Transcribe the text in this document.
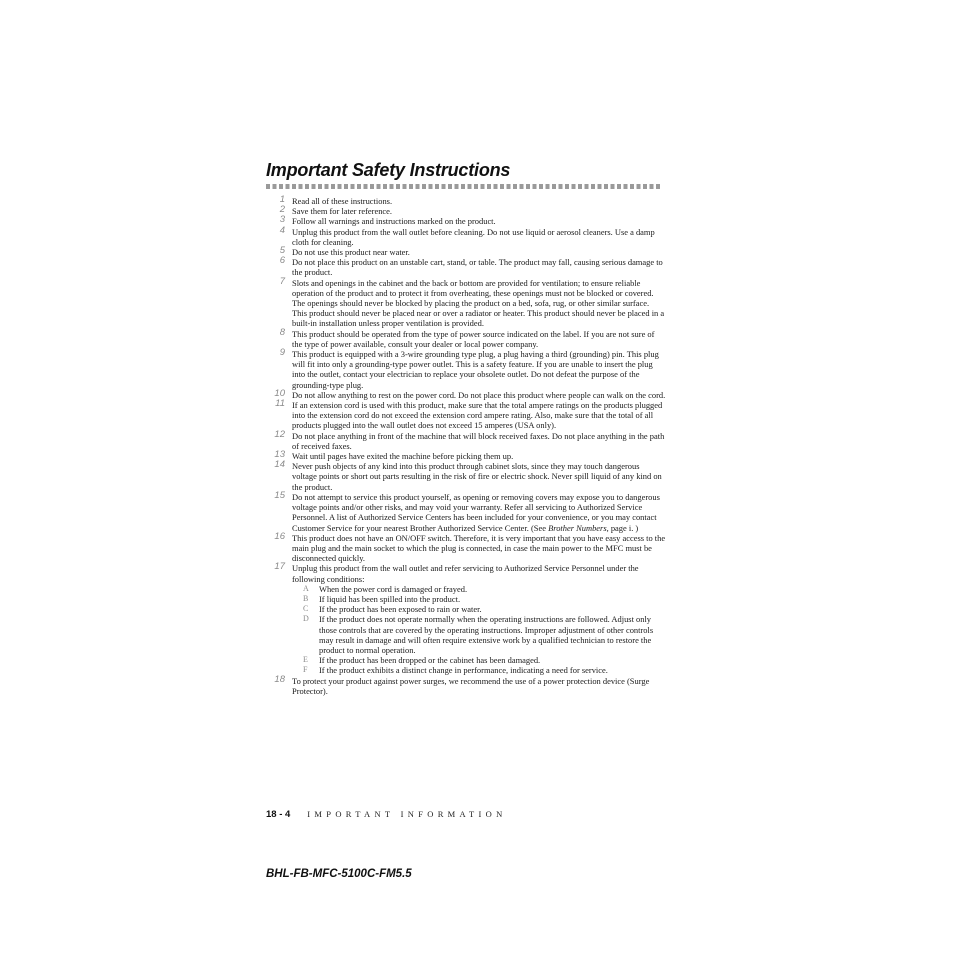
Important Safety Instructions
1 Read all of these instructions.
2 Save them for later reference.
3 Follow all warnings and instructions marked on the product.
4 Unplug this product from the wall outlet before cleaning. Do not use liquid or aerosol cleaners. Use a damp cloth for cleaning.
5 Do not use this product near water.
6 Do not place this product on an unstable cart, stand, or table. The product may fall, causing serious damage to the product.
7 Slots and openings in the cabinet and the back or bottom are provided for ventilation; to ensure reliable operation of the product and to protect it from overheating, these openings must not be blocked or covered. The openings should never be blocked by placing the product on a bed, sofa, rug, or other similar surface. This product should never be placed near or over a radiator or heater. This product should never be placed in a built-in installation unless proper ventilation is provided.
8 This product should be operated from the type of power source indicated on the label. If you are not sure of the type of power available, consult your dealer or local power company.
9 This product is equipped with a 3-wire grounding type plug, a plug having a third (grounding) pin. This plug will fit into only a grounding-type power outlet. This is a safety feature. If you are unable to insert the plug into the outlet, contact your electrician to replace your obsolete outlet. Do not defeat the purpose of the grounding-type plug.
10 Do not allow anything to rest on the power cord. Do not place this product where people can walk on the cord.
11 If an extension cord is used with this product, make sure that the total ampere ratings on the products plugged into the extension cord do not exceed the extension cord ampere rating. Also, make sure that the total of all products plugged into the wall outlet does not exceed 15 amperes (USA only).
12 Do not place anything in front of the machine that will block received faxes. Do not place anything in the path of received faxes.
13 Wait until pages have exited the machine before picking them up.
14 Never push objects of any kind into this product through cabinet slots, since they may touch dangerous voltage points or short out parts resulting in the risk of fire or electric shock. Never spill liquid of any kind on the product.
15 Do not attempt to service this product yourself, as opening or removing covers may expose you to dangerous voltage points and/or other risks, and may void your warranty. Refer all servicing to Authorized Service Personnel. A list of Authorized Service Centers has been included for your convenience, or you may contact Customer Service for your nearest Brother Authorized Service Center. (See Brother Numbers, page i. )
16 This product does not have an ON/OFF switch. Therefore, it is very important that you have easy access to the main plug and the main socket to which the plug is connected, in case the main power to the MFC must be disconnected quickly.
17 Unplug this product from the wall outlet and refer servicing to Authorized Service Personnel under the following conditions:
A When the power cord is damaged or frayed.
B If liquid has been spilled into the product.
C If the product has been exposed to rain or water.
D If the product does not operate normally when the operating instructions are followed. Adjust only those controls that are covered by the operating instructions. Improper adjustment of other controls may result in damage and will often require extensive work by a qualified technician to restore the product to normal operation.
E If the product has been dropped or the cabinet has been damaged.
F If the product exhibits a distinct change in performance, indicating a need for service.
18 To protect your product against power surges, we recommend the use of a power protection device (Surge Protector).
18 - 4 IMPORTANT INFORMATION
BHL-FB-MFC-5100C-FM5.5
